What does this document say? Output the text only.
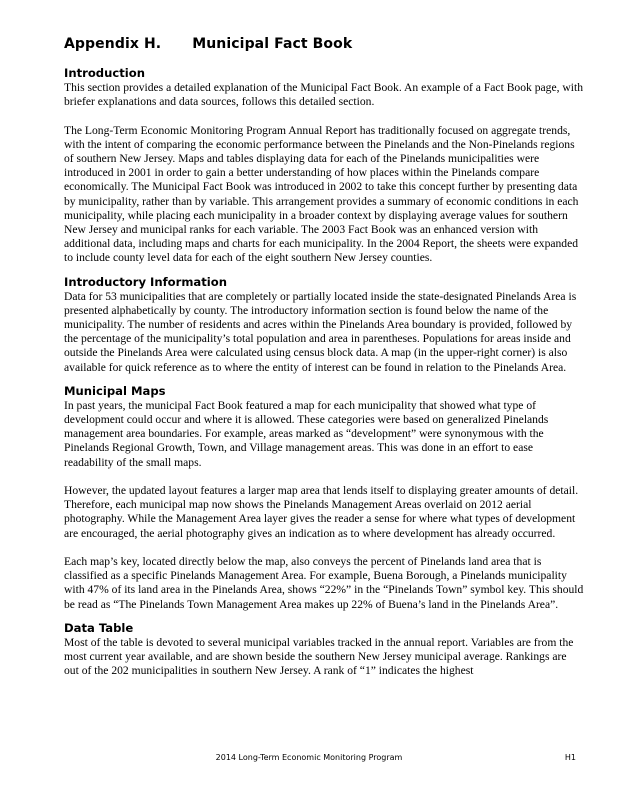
Appendix H. Municipal Fact Book
Introduction

This section provides a detailed explanation of the Municipal Fact Book. An example of a Fact Book page, with briefer explanations and data sources, follows this detailed section.

The Long-Term Economic Monitoring Program Annual Report has traditionally focused on aggregate trends, with the intent of comparing the economic performance between the Pinelands and the Non-Pinelands regions of southern New Jersey. Maps and tables displaying data for each of the Pinelands municipalities were introduced in 2001 in order to gain a better understanding of how places within the Pinelands compare economically. The Municipal Fact Book was introduced in 2002 to take this concept further by presenting data by municipality, rather than by variable. This arrangement provides a summary of economic conditions in each municipality, while placing each municipality in a broader context by displaying average values for southern New Jersey and municipal ranks for each variable. The 2003 Fact Book was an enhanced version with additional data, including maps and charts for each municipality. In the 2004 Report, the sheets were expanded to include county level data for each of the eight southern New Jersey counties.

Introductory Information

Data for 53 municipalities that are completely or partially located inside the state-designated Pinelands Area is presented alphabetically by county. The introductory information section is found below the name of the municipality. The number of residents and acres within the Pinelands Area boundary is provided, followed by the percentage of the municipality’s total population and area in parentheses. Populations for areas inside and outside the Pinelands Area were calculated using census block data. A map (in the upper-right corner) is also available for quick reference as to where the entity of interest can be found in relation to the Pinelands Area.

Municipal Maps

In past years, the municipal Fact Book featured a map for each municipality that showed what type of development could occur and where it is allowed. These categories were based on generalized Pinelands management area boundaries. For example, areas marked as “development” were synonymous with the Pinelands Regional Growth, Town, and Village management areas. This was done in an effort to ease readability of the small maps.

However, the updated layout features a larger map area that lends itself to displaying greater amounts of detail. Therefore, each municipal map now shows the Pinelands Management Areas overlaid on 2012 aerial photography. While the Management Area layer gives the reader a sense for where what types of development are encouraged, the aerial photography gives an indication as to where development has already occurred.

Each map’s key, located directly below the map, also conveys the percent of Pinelands land area that is classified as a specific Pinelands Management Area. For example, Buena Borough, a Pinelands municipality with 47% of its land area in the Pinelands Area, shows “22%” in the “Pinelands Town” symbol key. This should be read as “The Pinelands Town Management Area makes up 22% of Buena’s land in the Pinelands Area”.

Data Table

Most of the table is devoted to several municipal variables tracked in the annual report. Variables are from the most current year available, and are shown beside the southern New Jersey municipal average. Rankings are out of the 202 municipalities in southern New Jersey. A rank of “1” indicates the highest

2014 Long-Term Economic Monitoring Program	H1
